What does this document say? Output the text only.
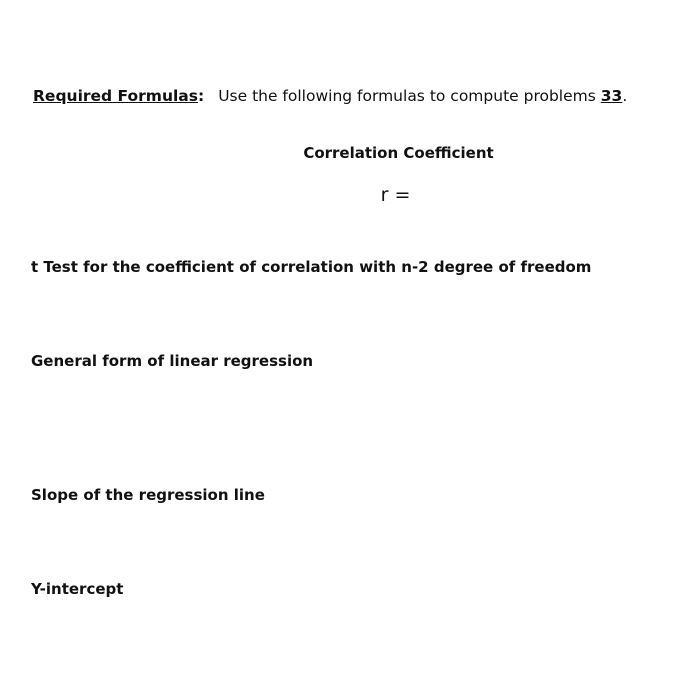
Required Formulas: Use the following formulas to compute problems 33.
Correlation Coefficient
r =
t Test for the coefficient of correlation with n-2 degree of freedom
General form of linear regression
Slope of the regression line
Y-intercept
